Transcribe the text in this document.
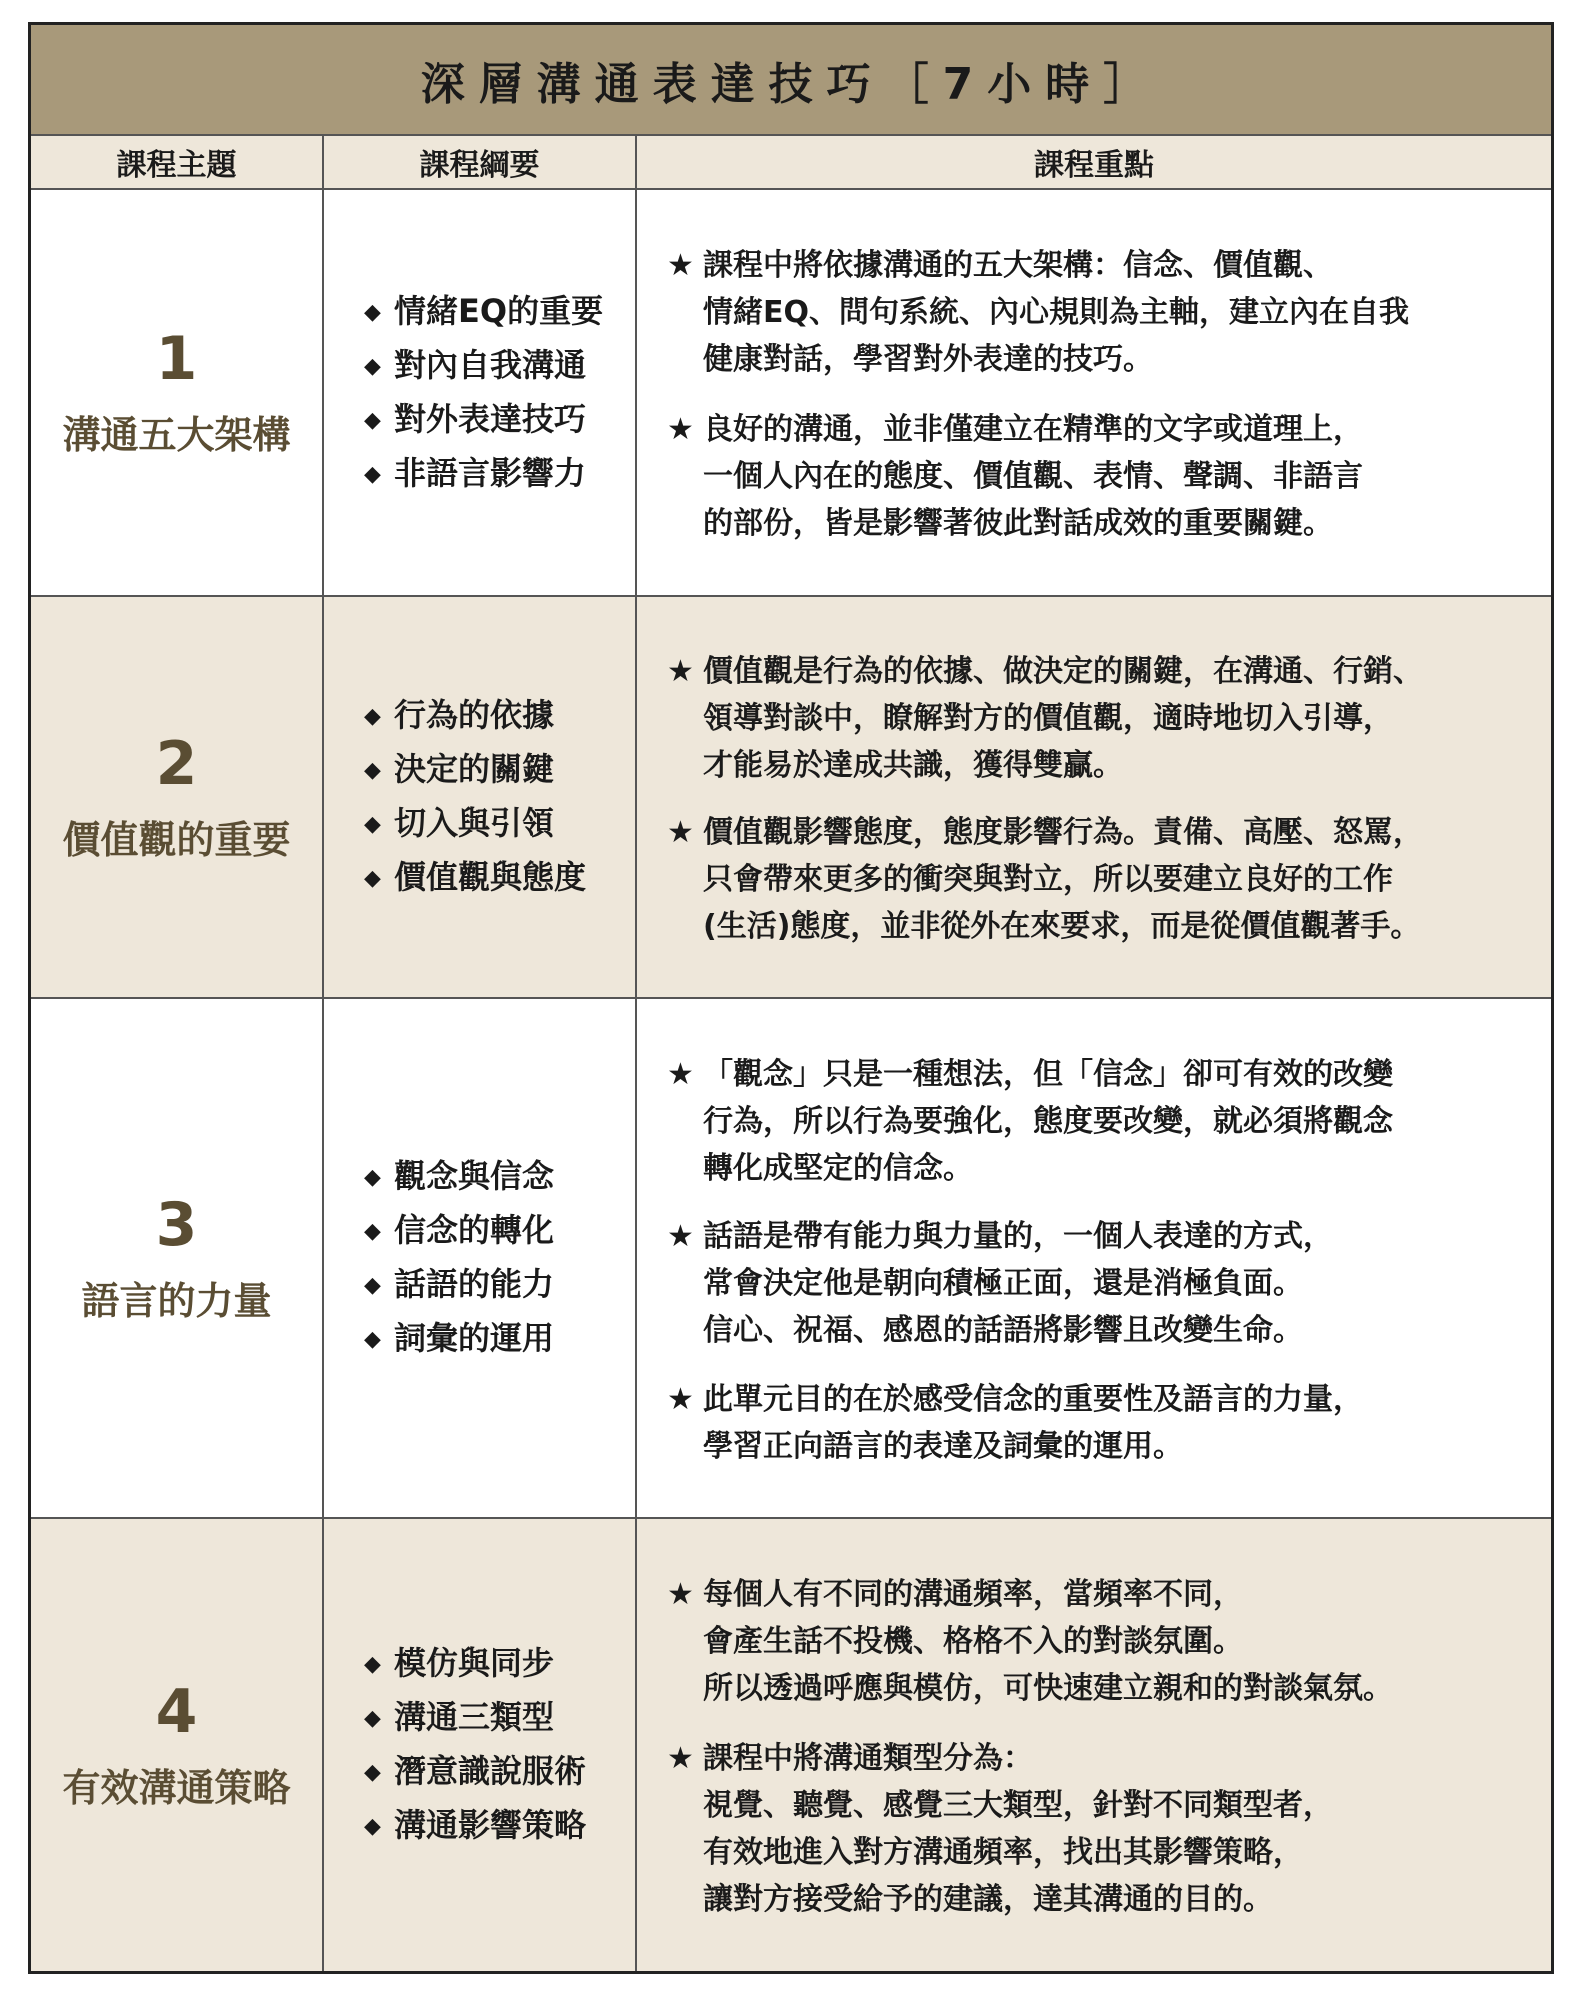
深層溝通表達技巧［7小時］
課程主題	課程綱要	課程重點
1
溝通五大架構
◆ 情緒EQ的重要
◆ 對內自我溝通
◆ 對外表達技巧
◆ 非語言影響力
★ 課程中將依據溝通的五大架構：信念、價值觀、
情緒EQ、問句系統、內心規則為主軸，建立內在自我
健康對話，學習對外表達的技巧。
★ 良好的溝通，並非僅建立在精準的文字或道理上，
一個人內在的態度、價值觀、表情、聲調、非語言
的部份，皆是影響著彼此對話成效的重要關鍵。
2
價值觀的重要
◆ 行為的依據
◆ 決定的關鍵
◆ 切入與引領
◆ 價值觀與態度
★ 價值觀是行為的依據、做決定的關鍵，在溝通、行銷、
領導對談中，瞭解對方的價值觀，適時地切入引導，
才能易於達成共識，獲得雙贏。
★ 價值觀影響態度，態度影響行為。責備、高壓、怒罵，
只會帶來更多的衝突與對立，所以要建立良好的工作
(生活)態度，並非從外在來要求，而是從價值觀著手。
3
語言的力量
◆ 觀念與信念
◆ 信念的轉化
◆ 話語的能力
◆ 詞彙的運用
★ 「觀念」只是一種想法，但「信念」卻可有效的改變
行為，所以行為要強化，態度要改變，就必須將觀念
轉化成堅定的信念。
★ 話語是帶有能力與力量的，一個人表達的方式，
常會決定他是朝向積極正面，還是消極負面。
信心、祝福、感恩的話語將影響且改變生命。
★ 此單元目的在於感受信念的重要性及語言的力量，
學習正向語言的表達及詞彙的運用。
4
有效溝通策略
◆ 模仿與同步
◆ 溝通三類型
◆ 潛意識說服術
◆ 溝通影響策略
★ 每個人有不同的溝通頻率，當頻率不同，
會產生話不投機、格格不入的對談氛圍。
所以透過呼應與模仿，可快速建立親和的對談氣氛。
★ 課程中將溝通類型分為：
視覺、聽覺、感覺三大類型，針對不同類型者，
有效地進入對方溝通頻率，找出其影響策略，
讓對方接受給予的建議，達其溝通的目的。
